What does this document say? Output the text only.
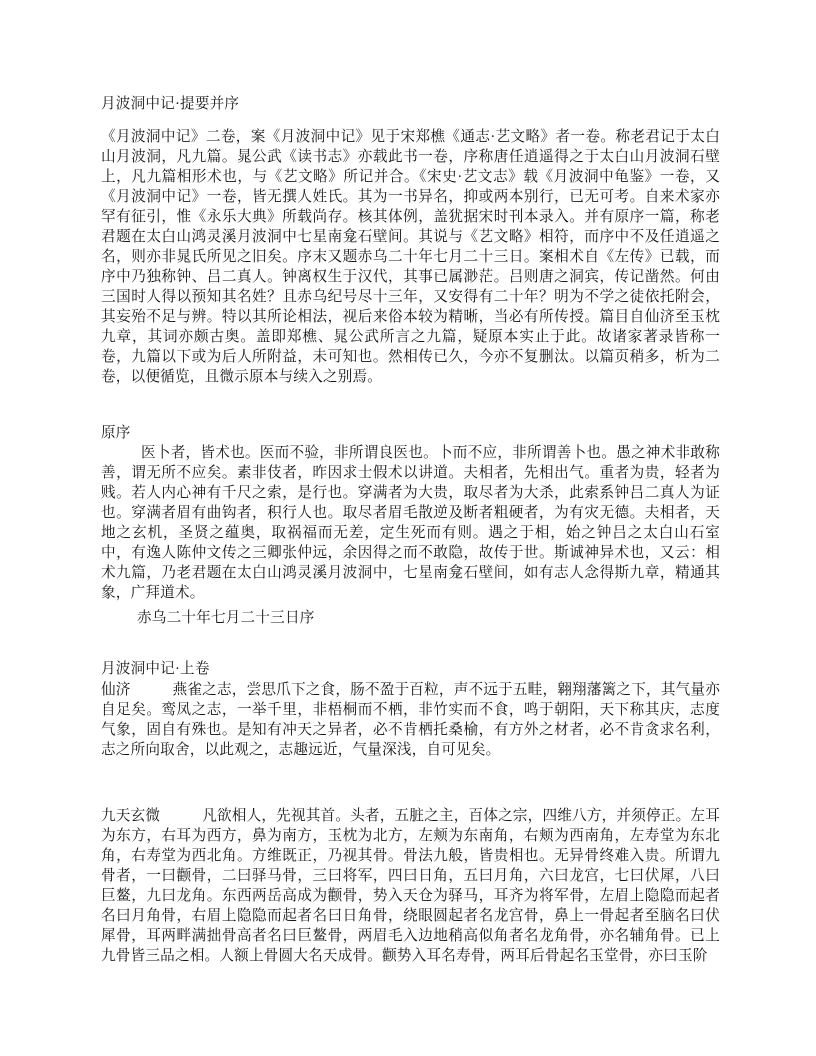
月波洞中记·提要并序

《月波洞中记》二卷，案《月波洞中记》见于宋郑樵《通志·艺文略》者一卷。称老君记于太白山月波洞，凡九篇。晁公武《读书志》亦载此书一卷，序称唐任逍遥得之于太白山月波洞石壁上，凡九篇相形术也，与《艺文略》所记并合。《宋史·艺文志》载《月波洞中龟鉴》一卷，又《月波洞中记》一卷，皆无撰人姓氏。其为一书异名，抑或两本别行，已无可考。自来术家亦罕有征引，惟《永乐大典》所载尚存。核其体例，盖犹据宋时刊本录入。并有原序一篇，称老君题在太白山鸿灵溪月波洞中七星南龛石壁间。其说与《艺文略》相符，而序中不及任逍遥之名，则亦非晁氏所见之旧矣。序末又题赤乌二十年七月二十三日。案相术自《左传》已载，而序中乃独称钟、吕二真人。钟离权生于汉代，其事已属渺茫。吕则唐之洞宾，传记凿然。何由三国时人得以预知其名姓？且赤乌纪号尽十三年，又安得有二十年？明为不学之徒依托附会，其妄殆不足与辨。特以其所论相法，视后来俗本较为精晰，当必有所传授。篇目自仙济至玉枕九章，其词亦颇古奥。盖即郑樵、晁公武所言之九篇，疑原本实止于此。故诸家著录皆称一卷，九篇以下或为后人所附益，未可知也。然相传已久，今亦不复删汰。以篇页稍多，析为二卷，以便循览，且微示原本与续入之别焉。

原序

医卜者，皆术也。医而不验，非所谓良医也。卜而不应，非所谓善卜也。愚之神术非敢称善，谓无所不应矣。素非伎者，昨因求士假术以讲道。夫相者，先相出气。重者为贵，轻者为贱。若人内心神有千尺之索，是行也。穿满者为大贵，取尽者为大杀，此索系钟吕二真人为证也。穿满者眉有曲钩者，积行人也。取尽者眉毛散逆及断者粗硬者，为有灾无德。夫相者，天地之玄机，圣贤之蕴奥，取祸福而无差，定生死而有则。遇之于相，始之钟吕之太白山石室中，有逸人陈仲文传之三卿张仲远，余因得之而不敢隐，故传于世。斯诚神异术也，又云：相术九篇，乃老君题在太白山鸿灵溪月波洞中，七星南龛石壁间，如有志人念得斯九章，精通其象，广拜道术。

赤乌二十年七月二十三日序

月波洞中记·上卷

仙济	燕雀之志，尝思爪下之食，肠不盈于百粒，声不远于五畦，翱翔藩篱之下，其气量亦自足矣。鸾凤之志，一举千里，非梧桐而不栖，非竹实而不食，鸣于朝阳，天下称其庆，志度气象，固自有殊也。是知有冲天之异者，必不肯栖托桑榆，有方外之材者，必不肯贪求名利，志之所向取舍，以此观之，志趣远近，气量深浅，自可见矣。

九天玄微	凡欲相人，先视其首。头者，五脏之主，百体之宗，四维八方，并须停正。左耳为东方，右耳为西方，鼻为南方，玉枕为北方，左颊为东南角，右颊为西南角，左寿堂为东北角，右寿堂为西北角。方维既正，乃视其骨。骨法九般，皆贵相也。无异骨终难入贵。所谓九骨者，一曰颧骨，二曰驿马骨，三曰将军，四曰日角，五曰月角，六曰龙宫，七曰伏犀，八曰巨鳌，九曰龙角。东西两岳高成为颧骨，势入天仓为驿马，耳齐为将军骨，左眉上隐隐而起者名曰月角骨，右眉上隐隐而起者名曰日角骨，绕眼圆起者名龙宫骨，鼻上一骨起者至脑名曰伏犀骨，耳两畔满拙骨高者名曰巨鳌骨，两眉毛入边地稍高似角者名龙角骨，亦名辅角骨。已上九骨皆三品之相。人额上骨圆大名天成骨。颧势入耳名寿骨，两耳后骨起名玉堂骨，亦曰玉阶
